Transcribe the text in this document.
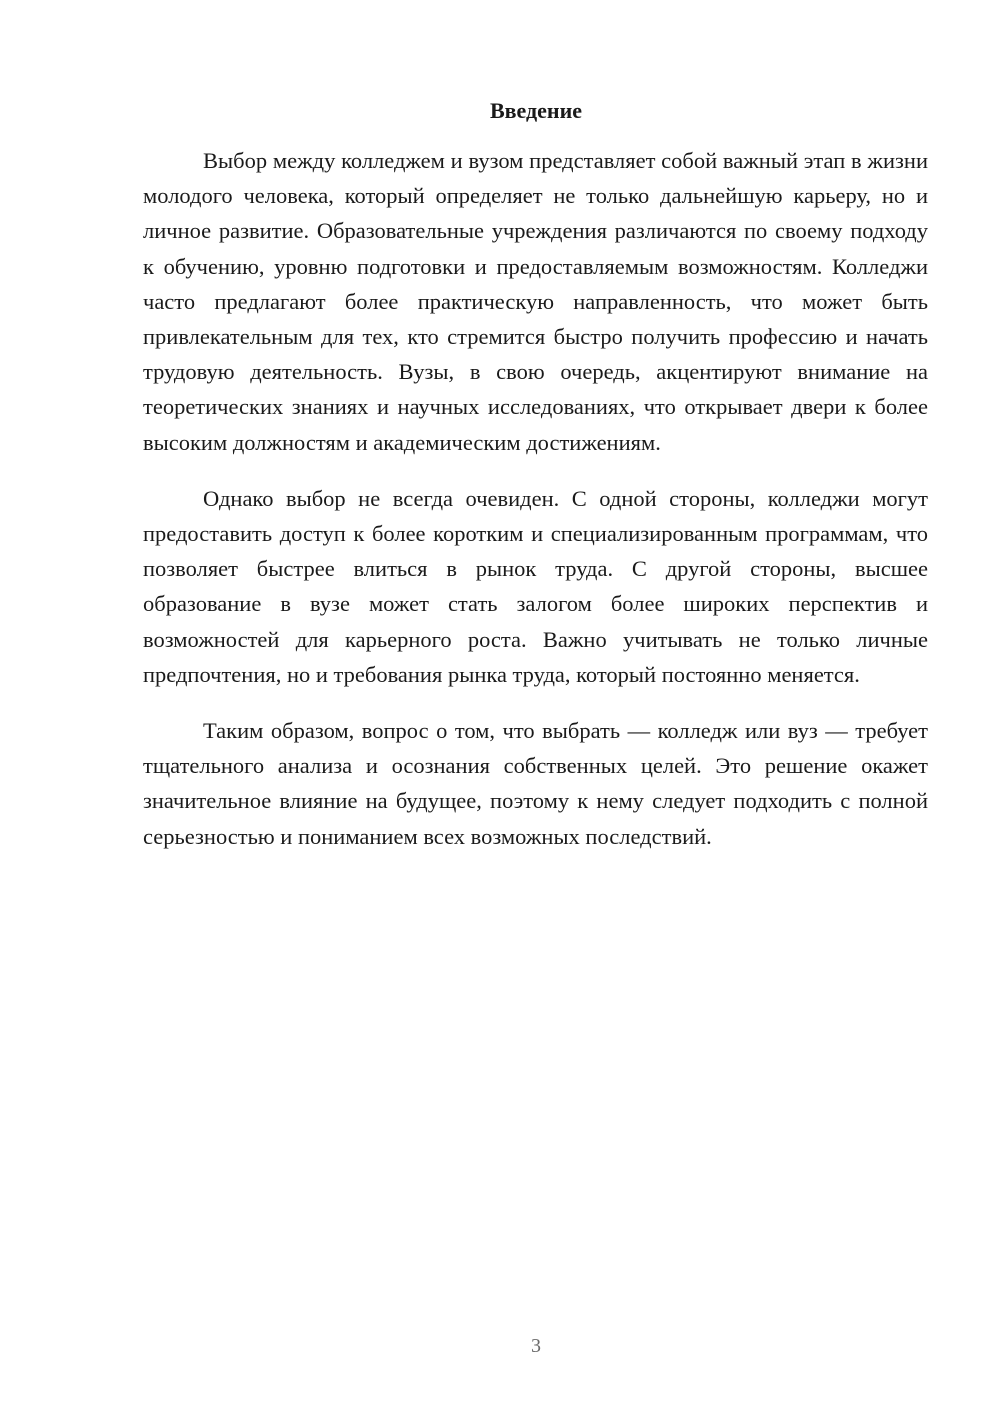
Введение

Выбор между колледжем и вузом представляет собой важный этап в жизни молодого человека, который определяет не только дальнейшую карьеру, но и личное развитие. Образовательные учреждения различаются по своему подходу к обучению, уровню подготовки и предоставляемым возможностям. Колледжи часто предлагают более практическую направленность, что может быть привлекательным для тех, кто стремится быстро получить профессию и начать трудовую деятельность. Вузы, в свою очередь, акцентируют внимание на теоретических знаниях и научных исследованиях, что открывает двери к более высоким должностям и академическим достижениям.

Однако выбор не всегда очевиден. С одной стороны, колледжи могут предоставить доступ к более коротким и специализированным программам, что позволяет быстрее влиться в рынок труда. С другой стороны, высшее образование в вузе может стать залогом более широких перспектив и возможностей для карьерного роста. Важно учитывать не только личные предпочтения, но и требования рынка труда, который постоянно меняется.

Таким образом, вопрос о том, что выбрать — колледж или вуз — требует тщательного анализа и осознания собственных целей. Это решение окажет значительное влияние на будущее, поэтому к нему следует подходить с полной серьезностью и пониманием всех возможных последствий.

3
